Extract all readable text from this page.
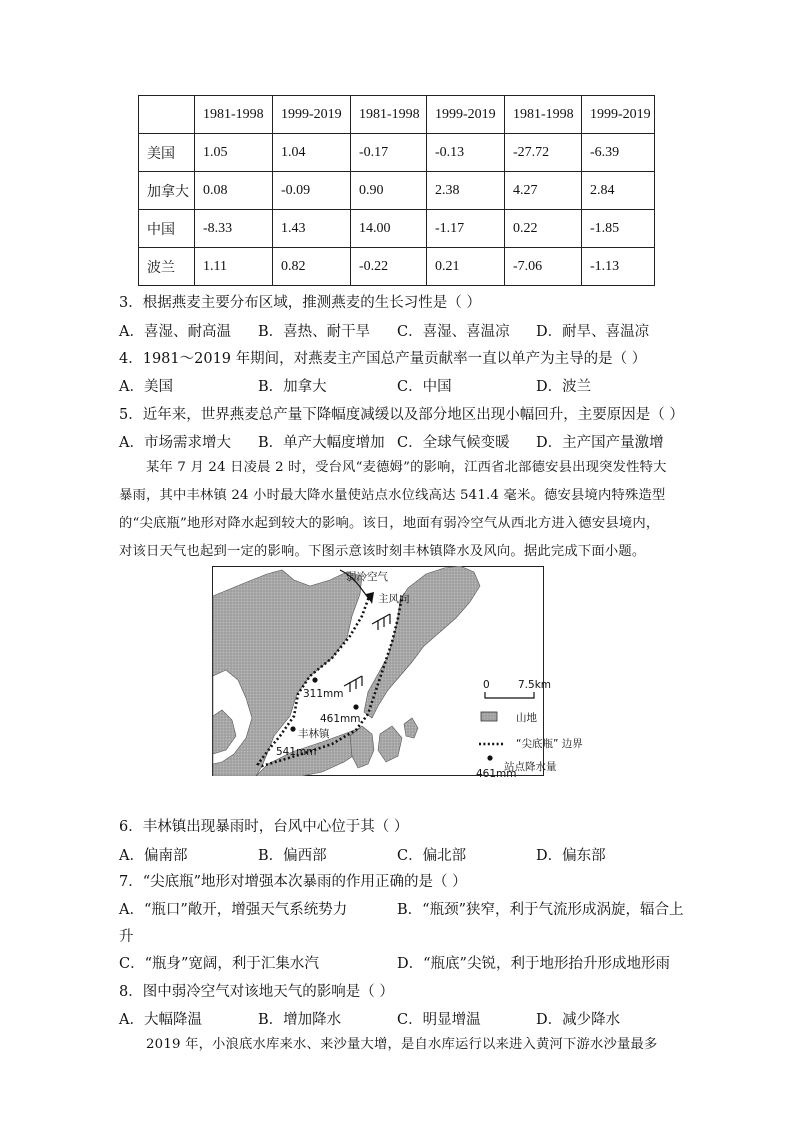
	1981-1998	1999-2019	1981-1998	1999-2019	1981-1998	1999-2019
美国	1.05	1.04	-0.17	-0.13	-27.72	-6.39
加拿大	0.08	-0.09	0.90	2.38	4.27	2.84
中国	-8.33	1.43	14.00	-1.17	0.22	-1.85
波兰	1.11	0.82	-0.22	0.21	-7.06	-1.13
3．根据燕麦主要分布区域，推测燕麦的生长习性是（ ）
A．喜湿、耐高温 B．喜热、耐干旱 C．喜湿、喜温凉 D．耐旱、喜温凉
4．1981～2019 年期间，对燕麦主产国总产量贡献率一直以单产为主导的是（ ）
A．美国	B．加拿大	C．中国	D．波兰
5．近年来，世界燕麦总产量下降幅度减缓以及部分地区出现小幅回升，主要原因是（ ）
A．市场需求增大 B．单产大幅度增加 C．全球气候变暖 D．主产国产量激增
某年 7 月 24 日凌晨 2 时，受台风“麦德姆”的影响，江西省北部德安县出现突发性特大
暴雨，其中丰林镇 24 小时最大降水量使站点水位线高达 541.4 毫米。德安县境内特殊造型
的“尖底瓶”地形对降水起到较大的影响。该日，地面有弱冷空气从西北方进入德安县境内，
对该日天气也起到一定的影响。下图示意该时刻丰林镇降水及风向。据此完成下面小题。
弱冷空气
主风向
311mm
461mm
丰林镇
541mm
0	7.5km
山地
“尖底瓶” 边界
站点降水量
461mm
6．丰林镇出现暴雨时，台风中心位于其（ ）
A．偏南部	B．偏西部	C．偏北部	D．偏东部
7．“尖底瓶”地形对增强本次暴雨的作用正确的是（ ）
A．“瓶口”敞开，增强天气系统势力	B．“瓶颈”狭窄，利于气流形成涡旋，辐合上
升
C．“瓶身”宽阔，利于汇集水汽	D．“瓶底”尖锐，利于地形抬升形成地形雨
8．图中弱冷空气对该地天气的影响是（ ）
A．大幅降温	B．增加降水	C．明显增温	D．减少降水
2019 年，小浪底水库来水、来沙量大增，是自水库运行以来进入黄河下游水沙量最多
